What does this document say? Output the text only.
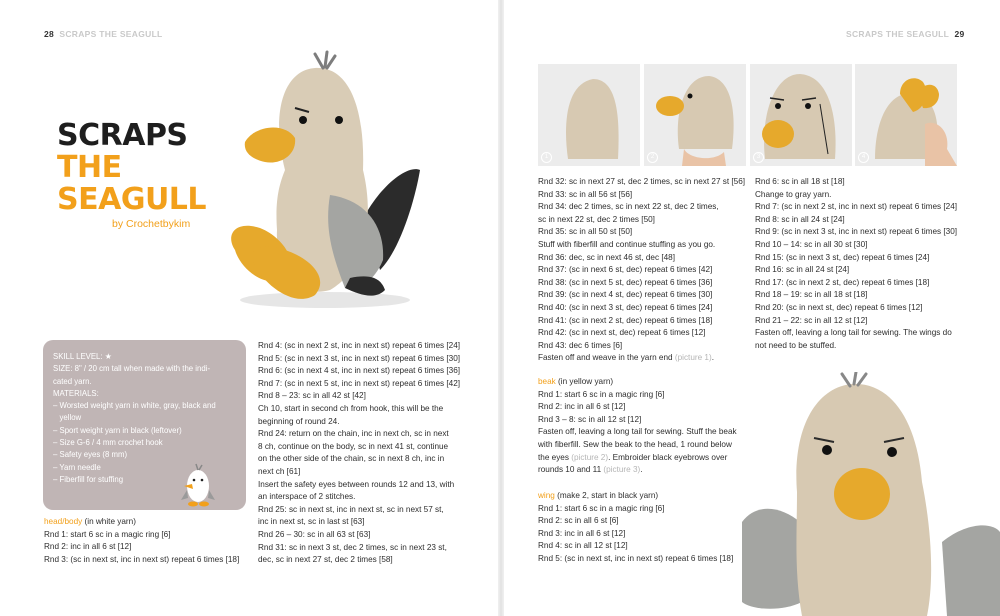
28 SCRAPS THE SEAGULL	SCRAPS THE SEAGULL 29
SCRAPS
THE
SEAGULL
by Crochetbykim

SKILL LEVEL: ★

SIZE: 8" / 20 cm tall when made with the indi-

cated yarn.

MATERIALS:

– Worsted weight yarn in white, gray, black and

yellow

– Sport weight yarn in black (leftover)

– Size G-6 / 4 mm crochet hook

– Safety eyes (8 mm)

– Yarn needle

– Fiberfill for stuffing

head/body (in white yarn)

Rnd 1: start 6 sc in a magic ring [6]

Rnd 2: inc in all 6 st [12]

Rnd 3: (sc in next st, inc in next st) repeat 6 times [18]

Rnd 4: (sc in next 2 st, inc in next st) repeat 6 times [24]

Rnd 5: (sc in next 3 st, inc in next st) repeat 6 times [30]

Rnd 6: (sc in next 4 st, inc in next st) repeat 6 times [36]

Rnd 7: (sc in next 5 st, inc in next st) repeat 6 times [42]

Rnd 8 – 23: sc in all 42 st [42]

Ch 10, start in second ch from hook, this will be the

beginning of round 24.

Rnd 24: return on the chain, inc in next ch, sc in next

8 ch, continue on the body, sc in next 41 st, continue

on the other side of the chain, sc in next 8 ch, inc in

next ch [61]

Insert the safety eyes between rounds 12 and 13, with

an interspace of 2 stitches.

Rnd 25: sc in next st, inc in next st, sc in next 57 st,

inc in next st, sc in last st [63]

Rnd 26 – 30: sc in all 63 st [63]

Rnd 31: sc in next 3 st, dec 2 times, sc in next 23 st,

dec, sc in next 27 st, dec 2 times [58]

1	2	3	4

Rnd 32: sc in next 27 st, dec 2 times, sc in next 27 st [56]

Rnd 33: sc in all 56 st [56]

Rnd 34: dec 2 times, sc in next 22 st, dec 2 times,

sc in next 22 st, dec 2 times [50]

Rnd 35: sc in all 50 st [50]

Stuff with fiberfill and continue stuffing as you go.

Rnd 36: dec, sc in next 46 st, dec [48]

Rnd 37: (sc in next 6 st, dec) repeat 6 times [42]

Rnd 38: (sc in next 5 st, dec) repeat 6 times [36]

Rnd 39: (sc in next 4 st, dec) repeat 6 times [30]

Rnd 40: (sc in next 3 st, dec) repeat 6 times [24]

Rnd 41: (sc in next 2 st, dec) repeat 6 times [18]

Rnd 42: (sc in next st, dec) repeat 6 times [12]

Rnd 43: dec 6 times [6]

Fasten off and weave in the yarn end (picture 1).

beak (in yellow yarn)

Rnd 1: start 6 sc in a magic ring [6]

Rnd 2: inc in all 6 st [12]

Rnd 3 – 8: sc in all 12 st [12]

Fasten off, leaving a long tail for sewing. Stuff the beak

with fiberfill. Sew the beak to the head, 1 round below

the eyes (picture 2). Embroider black eyebrows over

rounds 10 and 11 (picture 3).

wing (make 2, start in black yarn)

Rnd 1: start 6 sc in a magic ring [6]

Rnd 2: sc in all 6 st [6]

Rnd 3: inc in all 6 st [12]

Rnd 4: sc in all 12 st [12]

Rnd 5: (sc in next st, inc in next st) repeat 6 times [18]

Rnd 6: sc in all 18 st [18]

Change to gray yarn.

Rnd 7: (sc in next 2 st, inc in next st) repeat 6 times [24]

Rnd 8: sc in all 24 st [24]

Rnd 9: (sc in next 3 st, inc in next st) repeat 6 times [30]

Rnd 10 – 14: sc in all 30 st [30]

Rnd 15: (sc in next 3 st, dec) repeat 6 times [24]

Rnd 16: sc in all 24 st [24]

Rnd 17: (sc in next 2 st, dec) repeat 6 times [18]

Rnd 18 – 19: sc in all 18 st [18]

Rnd 20: (sc in next st, dec) repeat 6 times [12]

Rnd 21 – 22: sc in all 12 st [12]

Fasten off, leaving a long tail for sewing. The wings do

not need to be stuffed.
